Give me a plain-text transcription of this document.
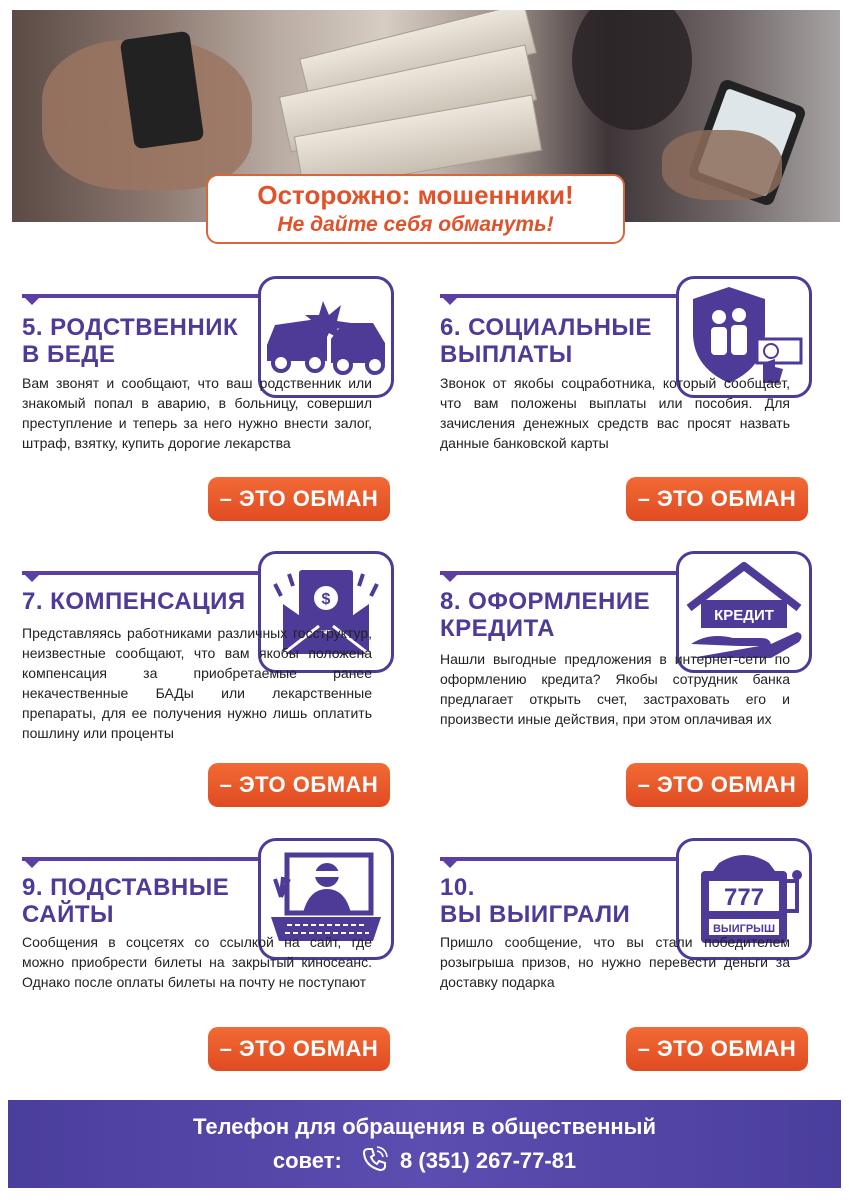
Осторожно: мошенники!
Не дайте себя обмануть!
5. РОДСТВЕННИК
В БЕДЕ
Вам звонят и сообщают, что ваш родственник или знакомый попал в аварию, в больницу, совершил преступление и теперь за него нужно внести залог, штраф, взятку, купить дорогие лекарства
– ЭТО ОБМАН
6. СОЦИАЛЬНЫЕ
ВЫПЛАТЫ
Звонок от якобы соцработника, который сообщает, что вам положены выплаты или пособия. Для зачисления денежных средств вас просят назвать данные банковской карты
– ЭТО ОБМАН
$
7. КОМПЕНСАЦИЯ
Представляясь работниками различных госструктур, неизвестные сообщают, что вам якобы положена компенсация за приобретаемые ранее некачественные БАДы или лекарственные препараты, для ее получения нужно лишь оплатить пошлину или проценты
– ЭТО ОБМАН
КРЕДИТ
8. ОФОРМЛЕНИЕ
КРЕДИТА
Нашли выгодные предложения в интернет-сети по оформлению кредита? Якобы сотрудник банка предлагает открыть счет, застраховать его и произвести иные действия, при этом оплачивая их
– ЭТО ОБМАН
9. ПОДСТАВНЫЕ
САЙТЫ
Сообщения в соцсетях со ссылкой на сайт, где можно приобрести билеты на закрытый киносеанс. Однако после оплаты билеты на почту не поступают
– ЭТО ОБМАН
777
ВЫИГРЫШ
10.
ВЫ ВЫИГРАЛИ
Пришло сообщение, что вы стали победителем розыгрыша призов, но нужно перевести деньги за доставку подарка
– ЭТО ОБМАН
Телефон для обращения в общественный
совет:	8 (351) 267-77-81
